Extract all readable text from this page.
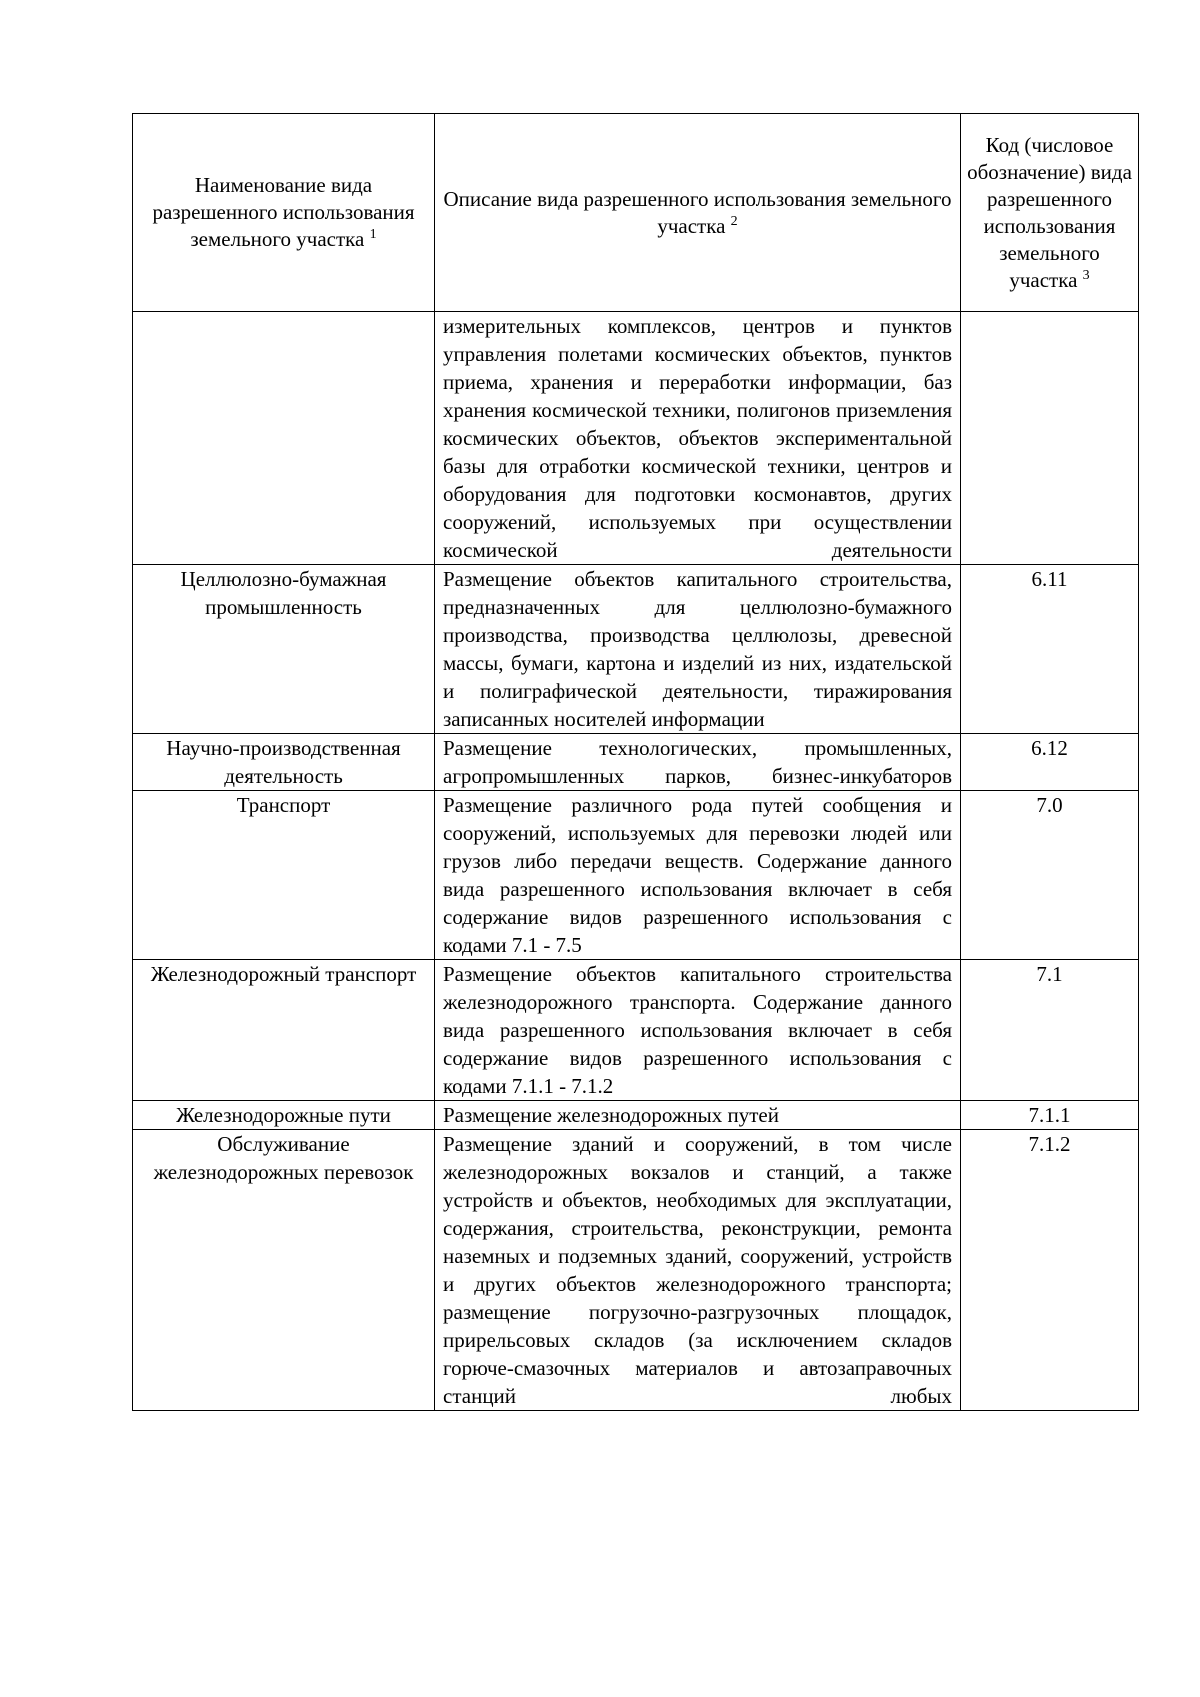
Наименование вида разрешенного использования земельного участка $^1$	Описание вида разрешенного использования земельного участка $^2$	Код (числовое обозначение) вида разрешенного использования земельного участка $^3$
	измерительных комплексов, центров и пунктов управления полетами космических объектов, пунктов приема, хранения и переработки информации, баз хранения космической техники, полигонов приземления космических объектов, объектов экспериментальной базы для отработки космической техники, центров и оборудования для подготовки космонавтов, других сооружений, используемых при осуществлении космической деятельности	
Целлюлозно-бумажная промышленность	Размещение объектов капитального строительства, предназначенных для целлюлозно-бумажного производства, производства целлюлозы, древесной массы, бумаги, картона и изделий из них, издательской и полиграфической деятельности, тиражирования записанных носителей информации	6.11
Научно-производственная деятельность	Размещение технологических, промышленных, агропромышленных парков, бизнес-инкубаторов	6.12
Транспорт	Размещение различного рода путей сообщения и сооружений, используемых для перевозки людей или грузов либо передачи веществ. Содержание данного вида разрешенного использования включает в себя содержание видов разрешенного использования с кодами 7.1 - 7.5	7.0
Железнодорожный транспорт	Размещение объектов капитального строительства железнодорожного транспорта. Содержание данного вида разрешенного использования включает в себя содержание видов разрешенного использования с кодами 7.1.1 - 7.1.2	7.1
Железнодорожные пути	Размещение железнодорожных путей	7.1.1
Обслуживание железнодорожных перевозок	Размещение зданий и сооружений, в том числе железнодорожных вокзалов и станций, а также устройств и объектов, необходимых для эксплуатации, содержания, строительства, реконструкции, ремонта наземных и подземных зданий, сооружений, устройств и других объектов железнодорожного транспорта; размещение погрузочно-разгрузочных площадок, прирельсовых складов (за исключением складов горюче-смазочных материалов и автозаправочных станций любых	7.1.2
